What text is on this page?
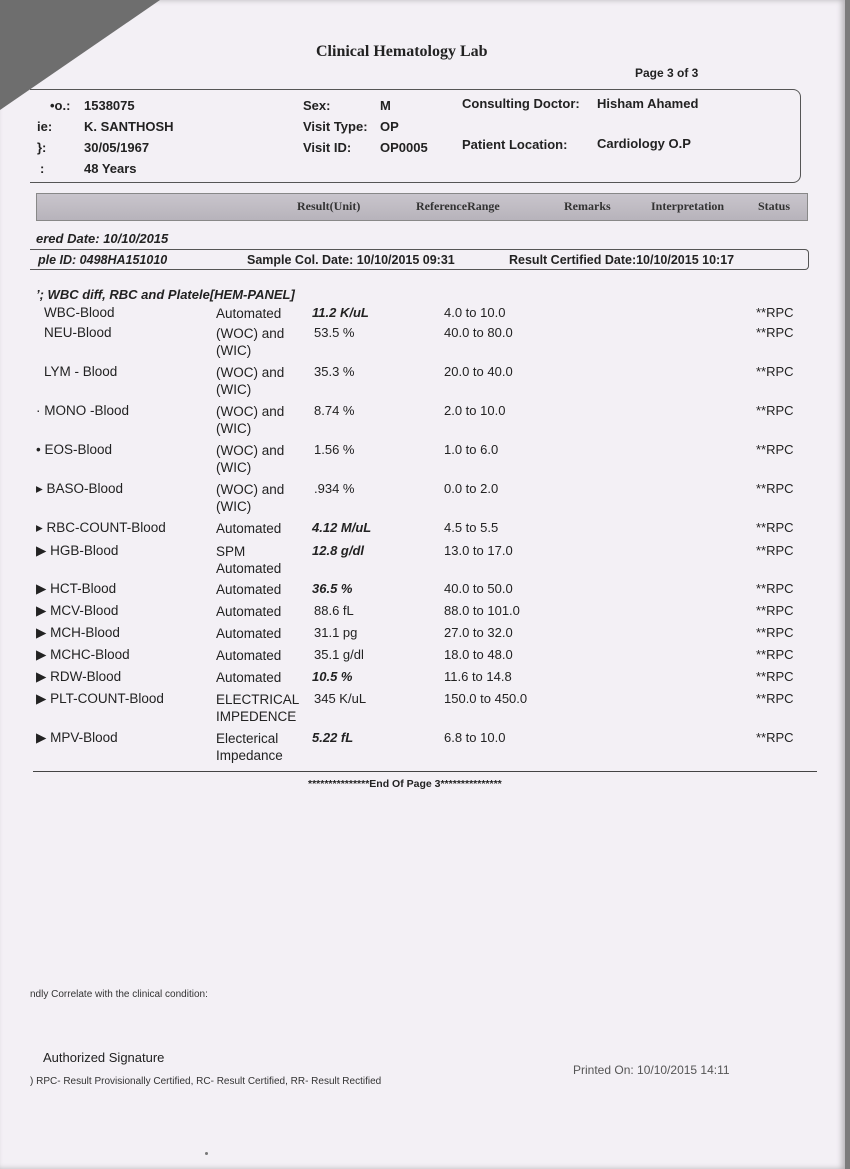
Clinical Hematology Lab
Page 3 of 3
•o.: 1538075
ie: K. SANTHOSH
}:	30/05/1967
:	48 Years
Sex:	M
Visit Type: OP
Visit ID: OP0005
Consulting Doctor: Hisham Ahamed
Patient Location: Cardiology O.P
Result(Unit)	ReferenceRange	Remarks	Interpretation	Status
ered Date: 10/10/2015
ple ID: 0498HA151010	Sample Col. Date: 10/10/2015 09:31	Result Certified Date:10/10/2015 10:17
’; WBC diff, RBC and Platele[HEM-PANEL]
WBC-Blood	Automated 11.2 K/uL	4.0 to 10.0	**RPC
NEU-Blood	(WOC) and
(WIC)
53.5 %	40.0 to 80.0	**RPC
LYM - Blood	(WOC) and
(WIC)
35.3 %	20.0 to 40.0	**RPC
· MONO -Blood	(WOC) and
(WIC)
8.74 %	2.0 to 10.0	**RPC
• EOS-Blood	(WOC) and
(WIC)
1.56 %	1.0 to 6.0	**RPC
▸ BASO-Blood	(WOC) and
(WIC)
.934 %	0.0 to 2.0	**RPC
▸ RBC-COUNT-Blood	Automated 4.12 M/uL	4.5 to 5.5	**RPC
▶ HGB-Blood	SPM
Automated
12.8 g/dl	13.0 to 17.0	**RPC
▶ HCT-Blood	Automated 36.5 %	40.0 to 50.0	**RPC
▶ MCV-Blood	Automated	88.6 fL	88.0 to 101.0	**RPC
▶ MCH-Blood	Automated	31.1 pg	27.0 to 32.0	**RPC
▶ MCHC-Blood	Automated	35.1 g/dl	18.0 to 48.0	**RPC
▶ RDW-Blood	Automated 10.5 %	11.6 to 14.8	**RPC
▶ PLT-COUNT-Blood	ELECTRICAL
IMPEDENCE
345 K/uL	150.0 to 450.0	**RPC
▶ MPV-Blood	Electerical
Impedance
5.22 fL	6.8 to 10.0	**RPC
***************End Of Page 3***************
ndly Correlate with the clinical condition:
Authorized Signature
) RPC- Result Provisionally Certified, RC- Result Certified, RR- Result Rectified
Printed On: 10/10/2015 14:11
